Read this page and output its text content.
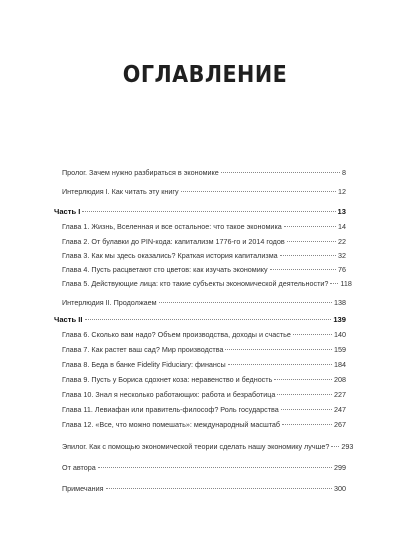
ОГЛАВЛЕНИЕ
Пролог. Зачем нужно разбираться в экономике	8
Интерлюдия I. Как читать эту книгу	12
Часть I	13
Глава 1. Жизнь, Вселенная и все остальное: что такое экономика	14
Глава 2. От булавки до PIN-кода: капитализм 1776-го и 2014 годов	22
Глава 3. Как мы здесь оказались? Краткая история капитализма	32
Глава 4. Пусть расцветают сто цветов: как изучать экономику	76
Глава 5. Действующие лица: кто такие субъекты экономической деятельности? 118
Интерлюдия II. Продолжаем	138
Часть II	139
Глава 6. Сколько вам надо? Объем производства, доходы и счастье	140
Глава 7. Как растет ваш сад? Мир производства	159
Глава 8. Беда в банке Fidelity Fiduciary: финансы	184
Глава 9. Пусть у Бориса сдохнет коза: неравенство и бедность	208
Глава 10. Знал я несколько работающих: работа и безработица	227
Глава 11. Левиафан или правитель-философ? Роль государства	247
Глава 12. «Все, что можно помешать»: международный масштаб	267
Эпилог. Как с помощью экономической теории сделать нашу экономику лучше? 293
От автора	299
Примечания	300
